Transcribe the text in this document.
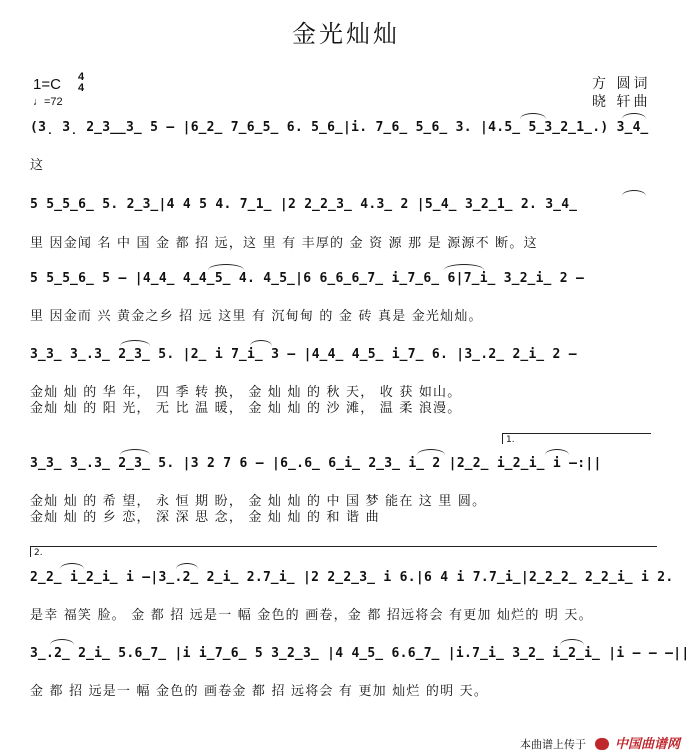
金光灿灿
1=C 4
4
♩=72
方 圆词
晓 轩曲
(3̣ 3̣ 2̲3̲̲3̲ 5 – |6̲2̲ 7̲6̲5̲ 6. 5̲6̲|i. 7̲6̲ 5̲6̲ 3. |4.5̲ 5̲3̲2̲1̲.) 3̲4̲
这
5 5̲5̲6̲ 5. 2̲3̲|4 4 5 4. 7̲1̲ |2 2̲2̲3̲ 4.3̲ 2 |5̲4̲ 3̲2̲1̲ 2. 3̲4̲
里 因金闻 名 中 国 金 都 招 远，这 里 有 丰厚的 金 资 源 那 是 源源不 断。这
5 5̲5̲6̲ 5 – |4̲4̲ 4̲4̲5̲ 4. 4̲5̲|6 6̲6̲6̲7̲ i̲7̲6̲ 6|7̲i̲ 3̲2̲i̲ 2 –
里 因金而 兴 黄金之乡 招 远 这里 有 沉甸甸 的 金 砖 真是 金光灿灿。
3̲3̲ 3̲.3̲ 2̲3̲ 5. |2̲ i 7̲i̲ 3 – |4̲4̲ 4̲5̲ i̲7̲ 6. |3̲.2̲ 2̲i̲ 2 –
金灿 灿 的 华 年， 四 季 转 换， 金 灿 灿 的 秋 天， 收 获 如山。
金灿 灿 的 阳 光， 无 比 温 暖， 金 灿 灿 的 沙 滩， 温 柔 浪漫。
1.
3̲3̲ 3̲.3̲ 2̲3̲ 5. |3 2 7 6 – |6̲.6̲ 6̲i̲ 2̲3̲ i̲ 2 |2̲2̲ i̲2̲i̲ i –:||
金灿 灿 的 希 望， 永 恒 期 盼， 金 灿 灿 的 中 国 梦 能在 这 里 圆。
金灿 灿 的 乡 恋， 深 深 思 念， 金 灿 灿 的 和 谐 曲
2.
2̲2̲ i̲2̲i̲ i –|3̲.2̲ 2̲i̲ 2.7̲i̲ |2 2̲2̲3̲ i 6.|6 4 i 7.7̲i̲|2̲2̲2̲ 2̲2̲i̲ i 2.
是幸 福笑 脸。 金 都 招 远是一 幅 金色的 画卷，金 都 招远将会 有更加 灿烂的 明 天。
3̲.2̲ 2̲i̲ 5.6̲7̲ |i i̲7̲6̲ 5 3̲2̲3̲ |4 4̲5̲ 6.6̲7̲ |i.7̲i̲ 3̲2̲ i̲2̲i̲ |i – – –||
金 都 招 远是一 幅 金色的 画卷金 都 招 远将会 有 更加 灿烂 的明 天。
本曲谱上传于 中国曲谱网
